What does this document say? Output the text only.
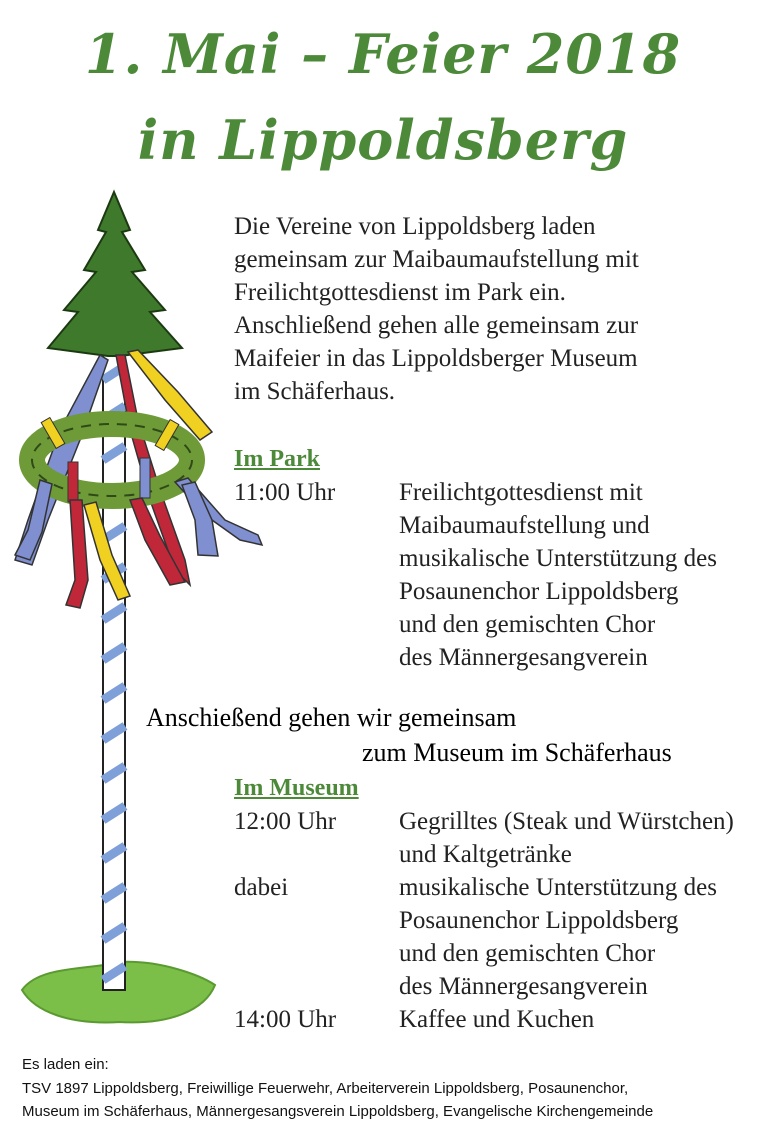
1. Mai – Feier 2018
in Lippoldsberg
Die Vereine von Lippoldsberg laden
gemeinsam zur Maibaumaufstellung mit
Freilichtgottesdienst im Park ein.
Anschließend gehen alle gemeinsam zur
Maifeier in das Lippoldsberger Museum
im Schäferhaus.
Im Park
11:00 Uhr	Freilichtgottesdienst mit
Maibaumaufstellung und
musikalische Unterstützung des
Posaunenchor Lippoldsberg
und den gemischten Chor
des Männergesangverein
Anschießend gehen wir gemeinsam
zum Museum im Schäferhaus
Im Museum
12:00 Uhr	Gegrilltes (Steak und Würstchen)
und Kaltgetränke
dabei	musikalische Unterstützung des
Posaunenchor Lippoldsberg
und den gemischten Chor
des Männergesangverein
14:00 Uhr	Kaffee und Kuchen
Es laden ein:
TSV 1897 Lippoldsberg, Freiwillige Feuerwehr, Arbeiterverein Lippoldsberg, Posaunenchor,
Museum im Schäferhaus, Männergesangsverein Lippoldsberg, Evangelische Kirchengemeinde
